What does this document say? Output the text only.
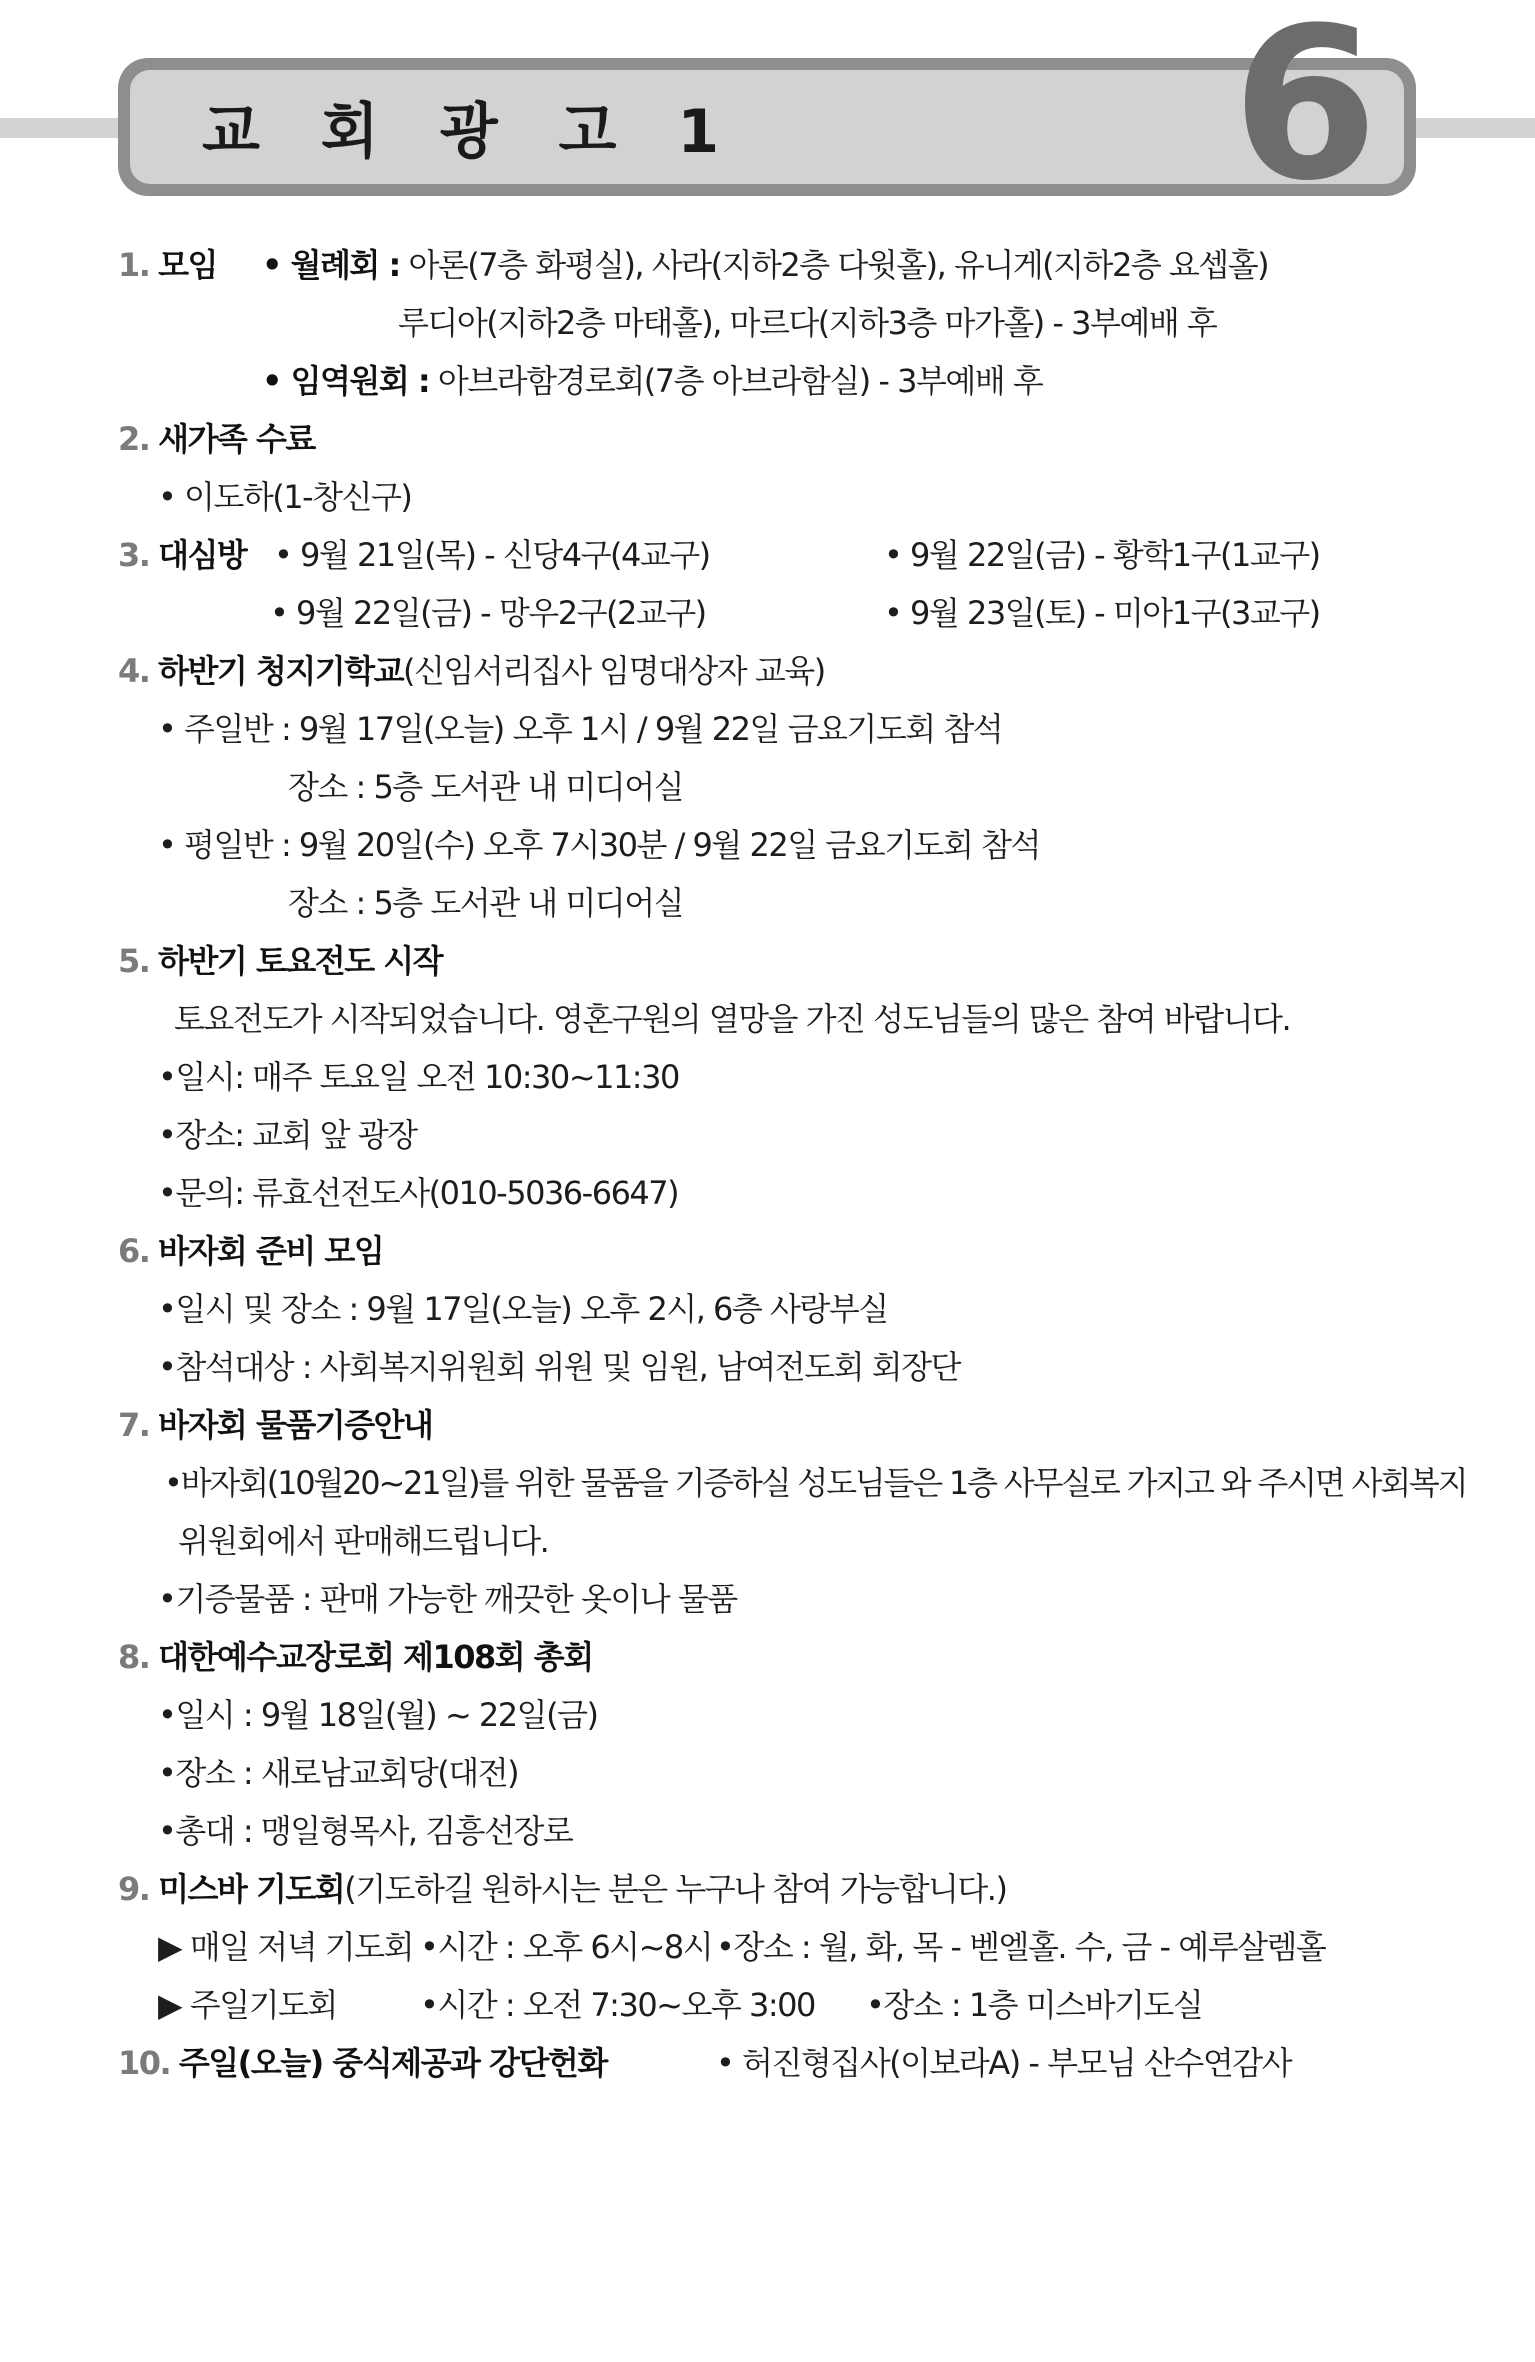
교 회 광 고 1 6
1. 모임 • 월례회 : 아론(7층 화평실), 사라(지하2층 다윗홀), 유니게(지하2층 요셉홀)
루디아(지하2층 마태홀), 마르다(지하3층 마가홀) - 3부예배 후
• 임역원회 : 아브라함경로회(7층 아브라함실) - 3부예배 후
2. 새가족 수료
• 이도하(1-창신구)
3. 대심방 • 9월 21일(목) - 신당4구(4교구)	• 9월 22일(금) - 황학1구(1교구)
• 9월 22일(금) - 망우2구(2교구)	• 9월 23일(토) - 미아1구(3교구)
4. 하반기 청지기학교(신임서리집사 임명대상자 교육)
• 주일반 : 9월 17일(오늘) 오후 1시 / 9월 22일 금요기도회 참석
장소 : 5층 도서관 내 미디어실
• 평일반 : 9월 20일(수) 오후 7시30분 / 9월 22일 금요기도회 참석
장소 : 5층 도서관 내 미디어실
5. 하반기 토요전도 시작
토요전도가 시작되었습니다. 영혼구원의 열망을 가진 성도님들의 많은 참여 바랍니다.
•일시: 매주 토요일 오전 10:30~11:30
•장소: 교회 앞 광장
•문의: 류효선전도사(010-5036-6647)
6. 바자회 준비 모임
•일시 및 장소 : 9월 17일(오늘) 오후 2시, 6층 사랑부실
•참석대상 : 사회복지위원회 위원 및 임원, 남여전도회 회장단
7. 바자회 물품기증안내
•바자회(10월20~21일)를 위한 물품을 기증하실 성도님들은 1층 사무실로 가지고 와 주시면 사회복지
위원회에서 판매해드립니다.
•기증물품 : 판매 가능한 깨끗한 옷이나 물품
8. 대한예수교장로회 제108회 총회
•일시 : 9월 18일(월) ~ 22일(금)
•장소 : 새로남교회당(대전)
•총대 : 맹일형목사, 김흥선장로
9. 미스바 기도회(기도하길 원하시는 분은 누구나 참여 가능합니다.)
▶ 매일 저녁 기도회 •시간 : 오후 6시~8시 •장소 : 월, 화, 목 - 벧엘홀. 수, 금 - 예루살렘홀
▶ 주일기도회	•시간 : 오전 7:30~오후 3:00 •장소 : 1층 미스바기도실
10. 주일(오늘) 중식제공과 강단헌화	• 허진형집사(이보라A) - 부모님 산수연감사
